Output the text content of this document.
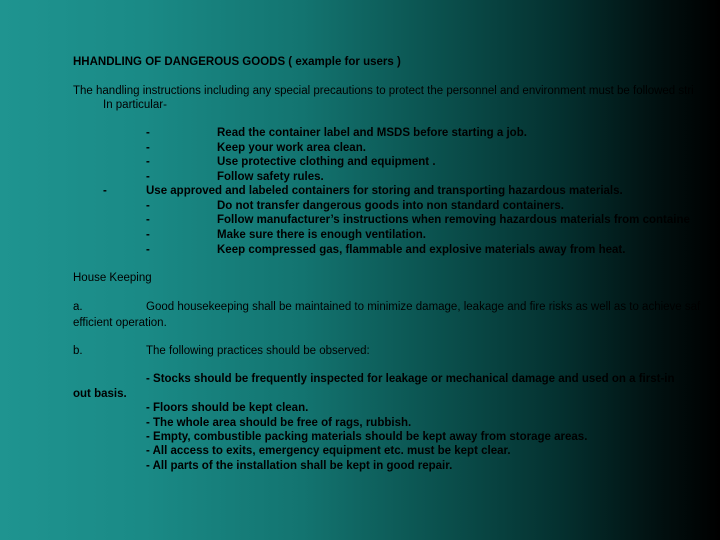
HHANDLING OF DANGEROUS GOODS ( example for users )
The handling instructions including any special precautions to protect the personnel and environment must be followed stri
In particular-
-	Read the container label and MSDS before starting a job.
-	Keep your work area clean.
-	Use protective clothing and equipment .
-	Follow safety rules.
-	Use approved and labeled containers for storing and transporting hazardous materials.
-	Do not transfer dangerous goods into non standard containers.
-	Follow manufacturer’s instructions when removing hazardous materials from containe
-	Make sure there is enough ventilation.
-	Keep compressed gas, flammable and explosive materials away from heat.
House Keeping
a.	Good housekeeping shall be maintained to minimize damage, leakage and fire risks as well as to achieve saf
efficient operation.
b.	The following practices should be observed:
- Stocks should be frequently inspected for leakage or mechanical damage and used on a first-in
out basis.
- Floors should be kept clean.
- The whole area should be free of rags, rubbish.
- Empty, combustible packing materials should be kept away from storage areas.
- All access to exits, emergency equipment etc. must be kept clear.
- All parts of the installation shall be kept in good repair.
